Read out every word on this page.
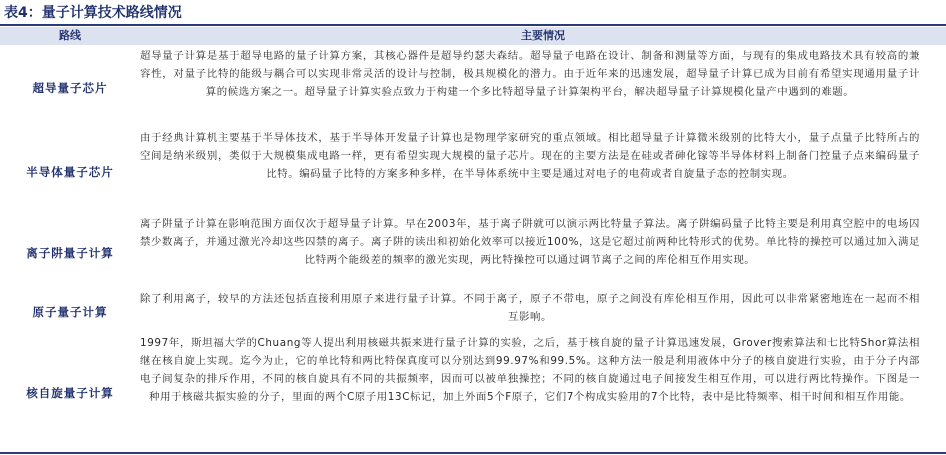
表4：量子计算技术路线情况
路线	主要情况
超导量子芯片
超导量子计算是基于超导电路的量子计算方案，其核心器件是超导约瑟夫森结。超导量子电路在设计、制备和测量等方面，与现有的集成电路技术具有较高的兼容性，对量子比特的能级与耦合可以实现非常灵活的设计与控制，极具规模化的潜力。由于近年来的迅速发展，超导量子计算已成为目前有希望实现通用量子计算的候选方案之一。超导量子计算实验点致力于构建一个多比特超导量子计算架构平台，解决超导量子计算规模化量产中遇到的难题。
半导体量子芯片
由于经典计算机主要基于半导体技术，基于半导体开发量子计算也是物理学家研究的重点领域。相比超导量子计算微米级别的比特大小，量子点量子比特所占的空间是纳米级别，类似于大规模集成电路一样，更有希望实现大规模的量子芯片。现在的主要方法是在硅或者砷化镓等半导体材料上制备门控量子点来编码量子比特。编码量子比特的方案多种多样，在半导体系统中主要是通过对电子的电荷或者自旋量子态的控制实现。
离子阱量子计算
离子阱量子计算在影响范围方面仅次于超导量子计算。早在2003年，基于离子阱就可以演示两比特量子算法。离子阱编码量子比特主要是利用真空腔中的电场囚禁少数离子，并通过激光冷却这些囚禁的离子。离子阱的读出和初始化效率可以接近100%，这是它超过前两种比特形式的优势。单比特的操控可以通过加入满足比特两个能级差的频率的激光实现，两比特操控可以通过调节离子之间的库伦相互作用实现。
原子量子计算
除了利用离子，较早的方法还包括直接利用原子来进行量子计算。不同于离子，原子不带电，原子之间没有库伦相互作用，因此可以非常紧密地连在一起而不相互影响。
核自旋量子计算
1997年，斯坦福大学的Chuang等人提出利用核磁共振来进行量子计算的实验，之后，基于核自旋的量子计算迅速发展，Grover搜索算法和七比特Shor算法相继在核自旋上实现。迄今为止，它的单比特和两比特保真度可以分别达到99.97%和99.5%。这种方法一般是利用液体中分子的核自旋进行实验，由于分子内部电子间复杂的排斥作用，不同的核自旋具有不同的共振频率，因而可以被单独操控；不同的核自旋通过电子间接发生相互作用，可以进行两比特操作。下图是一种用于核磁共振实验的分子，里面的两个C原子用13C标记，加上外面5个F原子，它们7个构成实验用的7个比特，表中是比特频率、相干时间和相互作用能。
